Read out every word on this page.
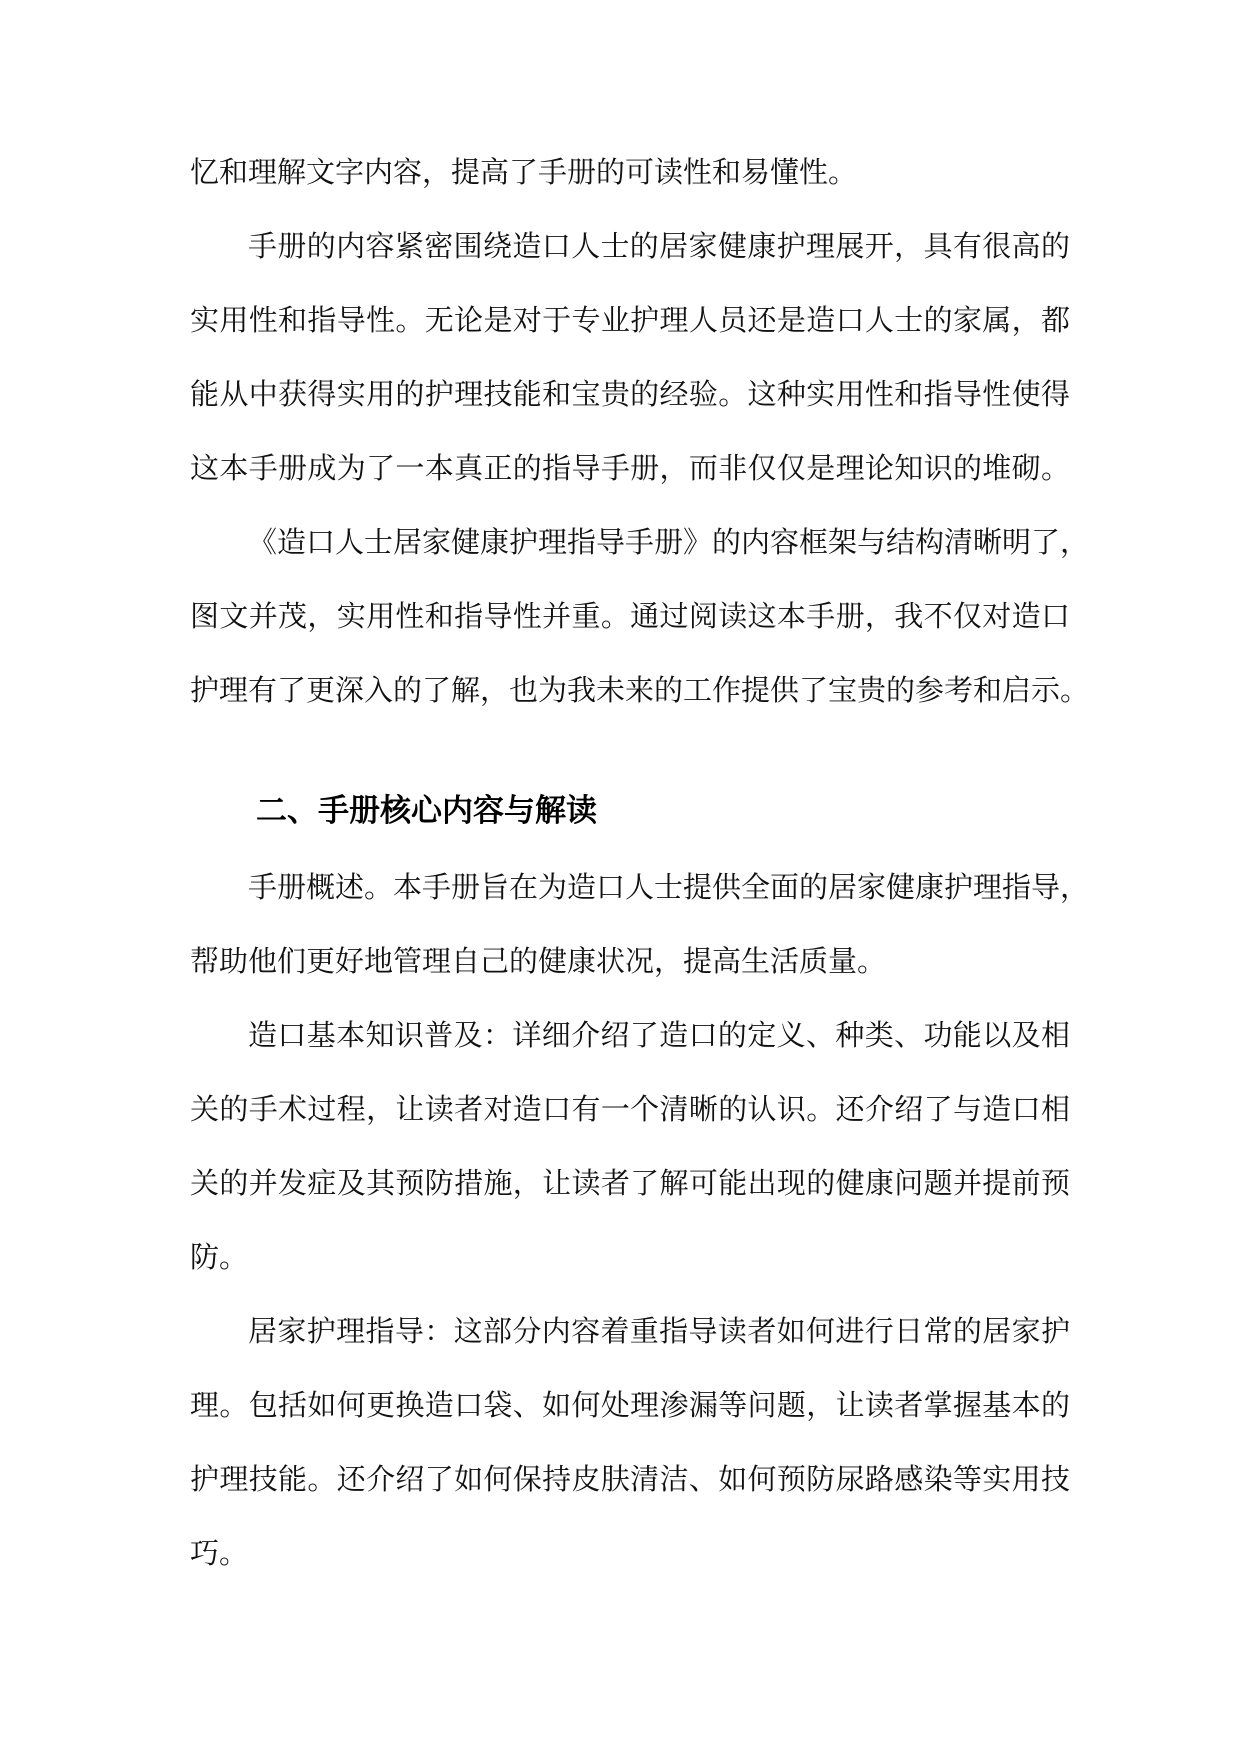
忆和理解文字内容，提高了手册的可读性和易懂性。
手册的内容紧密围绕造口人士的居家健康护理展开，具有很高的
实用性和指导性。无论是对于专业护理人员还是造口人士的家属，都
能从中获得实用的护理技能和宝贵的经验。这种实用性和指导性使得
这本手册成为了一本真正的指导手册，而非仅仅是理论知识的堆砌。
《造口人士居家健康护理指导手册》的内容框架与结构清晰明了，
图文并茂，实用性和指导性并重。通过阅读这本手册，我不仅对造口
护理有了更深入的了解，也为我未来的工作提供了宝贵的参考和启示。
二、手册核心内容与解读
手册概述。本手册旨在为造口人士提供全面的居家健康护理指导，
帮助他们更好地管理自己的健康状况，提高生活质量。
造口基本知识普及：详细介绍了造口的定义、种类、功能以及相
关的手术过程，让读者对造口有一个清晰的认识。还介绍了与造口相
关的并发症及其预防措施，让读者了解可能出现的健康问题并提前预
防。
居家护理指导：这部分内容着重指导读者如何进行日常的居家护
理。包括如何更换造口袋、如何处理渗漏等问题，让读者掌握基本的
护理技能。还介绍了如何保持皮肤清洁、如何预防尿路感染等实用技
巧。
